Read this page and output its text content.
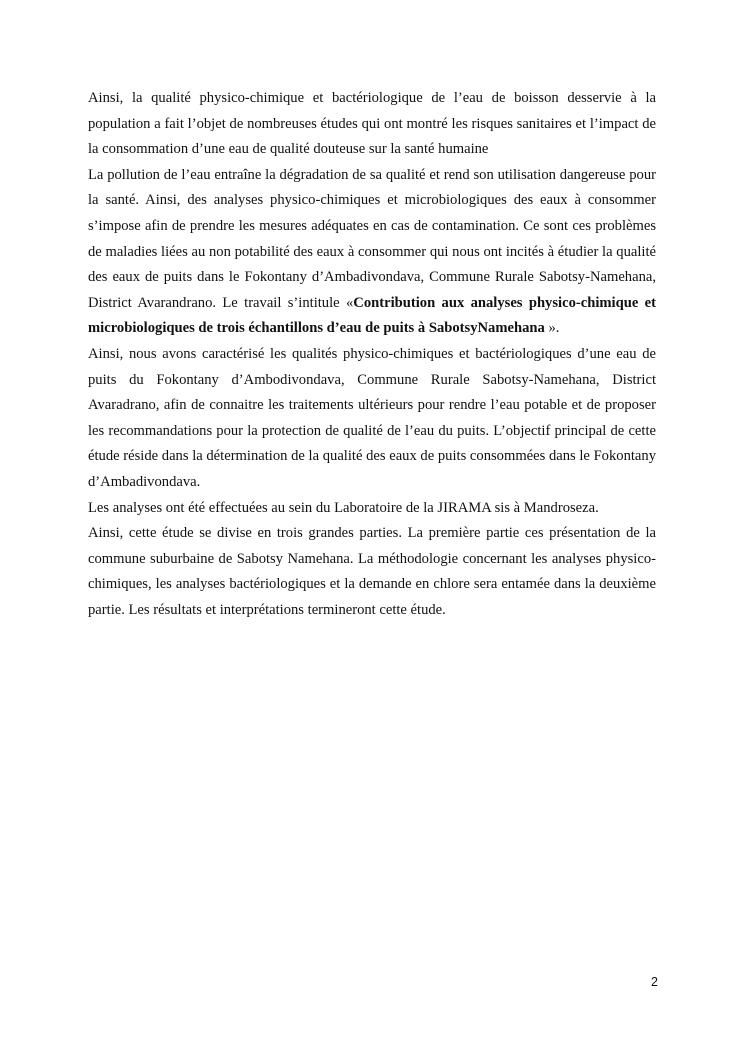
Ainsi, la qualité physico-chimique et bactériologique de l’eau de boisson desservie à la population a fait l’objet de nombreuses études qui ont montré les risques sanitaires et l’impact de la consommation d’une eau de qualité douteuse sur la santé humaine

La pollution de l’eau entraîne la dégradation de sa qualité et rend son utilisation dangereuse pour la santé. Ainsi, des analyses physico-chimiques et microbiologiques des eaux à consommer s’impose afin de prendre les mesures adéquates en cas de contamination. Ce sont ces problèmes de maladies liées au non potabilité des eaux à consommer qui nous ont incités à étudier la qualité des eaux de puits dans le Fokontany d’Ambadivondava, Commune Rurale Sabotsy-Namehana, District Avarandrano. Le travail s’intitule «Contribution aux analyses physico-chimique et microbiologiques de trois échantillons d’eau de puits à SabotsyNamehana ».

Ainsi, nous avons caractérisé les qualités physico-chimiques et bactériologiques d’une eau de puits du Fokontany d’Ambodivondava, Commune Rurale Sabotsy-Namehana, District Avaradrano, afin de connaitre les traitements ultérieurs pour rendre l’eau potable et de proposer les recommandations pour la protection de qualité de l’eau du puits. L’objectif principal de cette étude réside dans la détermination de la qualité des eaux de puits consommées dans le Fokontany d’Ambadivondava.

Les analyses ont été effectuées au sein du Laboratoire de la JIRAMA sis à Mandroseza.

Ainsi, cette étude se divise en trois grandes parties. La première partie ces présentation de la commune suburbaine de Sabotsy Namehana. La méthodologie concernant les analyses physico-chimiques, les analyses bactériologiques et la demande en chlore sera entamée dans la deuxième partie. Les résultats et interprétations termineront cette étude.

2
